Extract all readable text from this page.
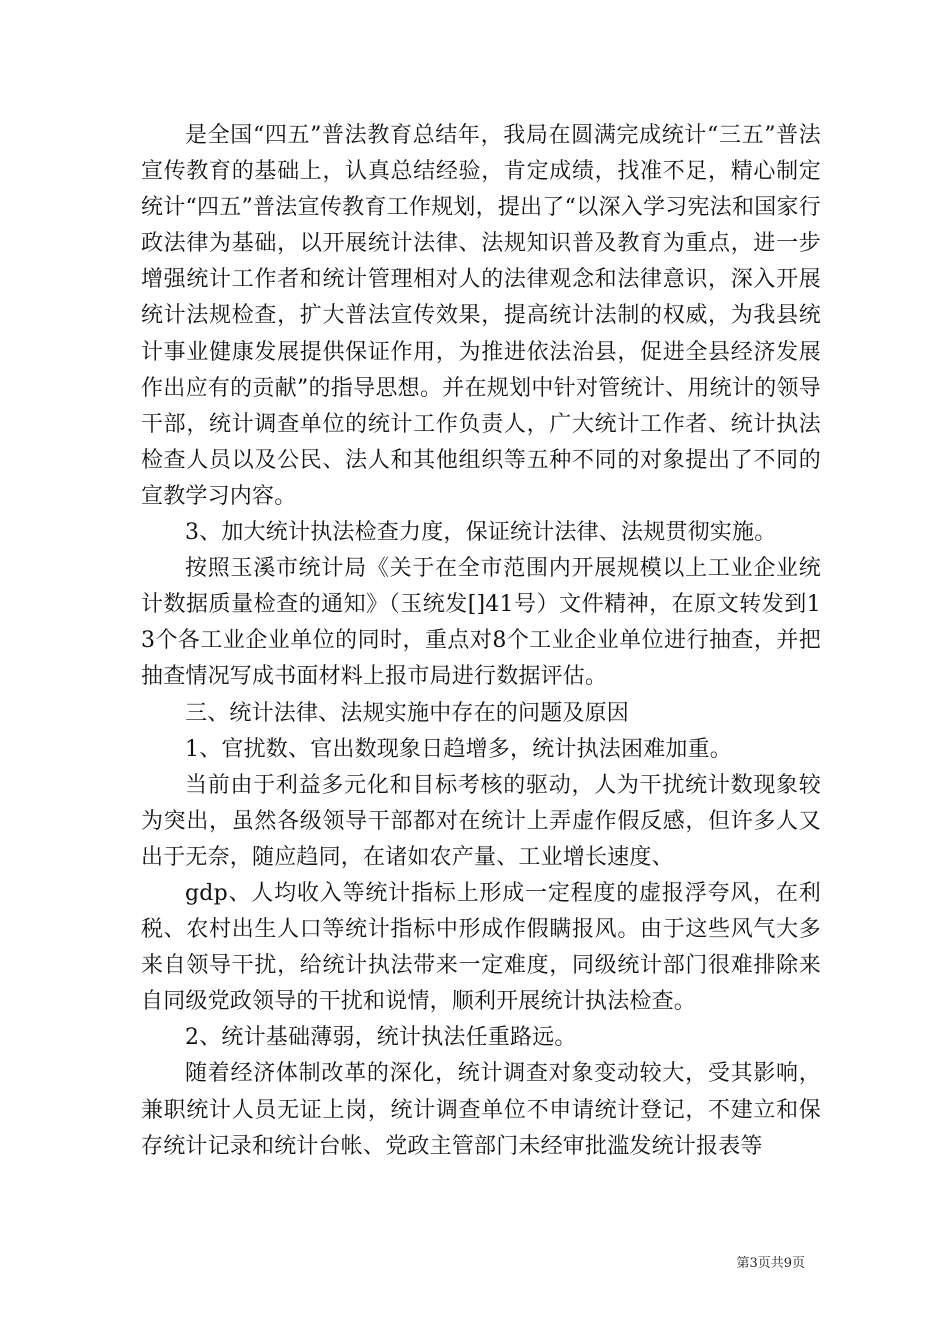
是全国“四五”普法教育总结年，我局在圆满完成统计“三五”普法宣传教育的基础上，认真总结经验，肯定成绩，找准不足，精心制定统计“四五”普法宣传教育工作规划，提出了“以深入学习宪法和国家行政法律为基础，以开展统计法律、法规知识普及教育为重点，进一步增强统计工作者和统计管理相对人的法律观念和法律意识，深入开展统计法规检查，扩大普法宣传效果，提高统计法制的权威，为我县统计事业健康发展提供保证作用，为推进依法治县，促进全县经济发展作出应有的贡献”的指导思想。并在规划中针对管统计、用统计的领导干部，统计调查单位的统计工作负责人，广大统计工作者、统计执法检查人员以及公民、法人和其他组织等五种不同的对象提出了不同的宣教学习内容。

3、加大统计执法检查力度，保证统计法律、法规贯彻实施。

按照玉溪市统计局《关于在全市范围内开展规模以上工业企业统计数据质量检查的通知》（玉统发[]41号）文件精神，在原文转发到13个各工业企业单位的同时，重点对8个工业企业单位进行抽查，并把抽查情况写成书面材料上报市局进行数据评估。

三、统计法律、法规实施中存在的问题及原因

1、官扰数、官出数现象日趋增多，统计执法困难加重。

当前由于利益多元化和目标考核的驱动，人为干扰统计数现象较为突出，虽然各级领导干部都对在统计上弄虚作假反感，但许多人又出于无奈，随应趋同，在诸如农产量、工业增长速度、

gdp、人均收入等统计指标上形成一定程度的虚报浮夸风，在利税、农村出生人口等统计指标中形成作假瞒报风。由于这些风气大多来自领导干扰，给统计执法带来一定难度，同级统计部门很难排除来自同级党政领导的干扰和说情，顺利开展统计执法检查。

2、统计基础薄弱，统计执法任重路远。

随着经济体制改革的深化，统计调查对象变动较大，受其影响，兼职统计人员无证上岗，统计调查单位不申请统计登记，不建立和保存统计记录和统计台帐、党政主管部门未经审批滥发统计报表等

第3页共9页
